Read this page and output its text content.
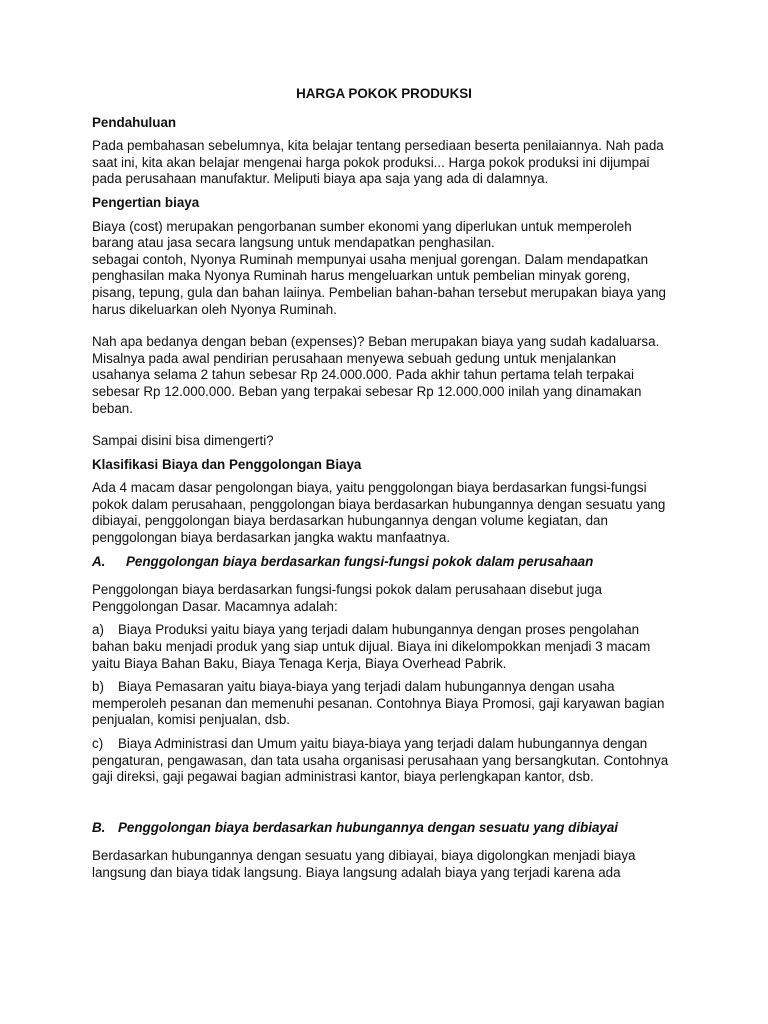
HARGA POKOK PRODUKSI
Pendahuluan
Pada pembahasan sebelumnya, kita belajar tentang persediaan beserta penilaiannya. Nah pada saat ini, kita akan belajar mengenai harga pokok produksi... Harga pokok produksi ini dijumpai pada perusahaan manufaktur. Meliputi biaya apa saja yang ada di dalamnya.
Pengertian biaya
Biaya (cost) merupakan pengorbanan sumber ekonomi yang diperlukan untuk memperoleh barang atau jasa secara langsung untuk mendapatkan penghasilan.
sebagai contoh, Nyonya Ruminah mempunyai usaha menjual gorengan. Dalam mendapatkan penghasilan maka Nyonya Ruminah harus mengeluarkan untuk pembelian minyak goreng, pisang, tepung, gula dan bahan laiinya. Pembelian bahan-bahan tersebut merupakan biaya yang harus dikeluarkan oleh Nyonya Ruminah.
Nah apa bedanya dengan beban (expenses)? Beban merupakan biaya yang sudah kadaluarsa. Misalnya pada awal pendirian perusahaan menyewa sebuah gedung untuk menjalankan usahanya selama 2 tahun sebesar Rp 24.000.000. Pada akhir tahun pertama telah terpakai sebesar Rp 12.000.000. Beban yang terpakai sebesar Rp 12.000.000 inilah yang dinamakan beban.
Sampai disini bisa dimengerti?
Klasifikasi Biaya dan Penggolongan Biaya
Ada 4 macam dasar pengolongan biaya, yaitu penggolongan biaya berdasarkan fungsi-fungsi pokok dalam perusahaan, penggolongan biaya berdasarkan hubungannya dengan sesuatu yang dibiayai, penggolongan biaya berdasarkan hubungannya dengan volume kegiatan, dan penggolongan biaya berdasarkan jangka waktu manfaatnya.
A. Penggolongan biaya berdasarkan fungsi-fungsi pokok dalam perusahaan
Penggolongan biaya berdasarkan fungsi-fungsi pokok dalam perusahaan disebut juga Penggolongan Dasar. Macamnya adalah:
a) Biaya Produksi yaitu biaya yang terjadi dalam hubungannya dengan proses pengolahan bahan baku menjadi produk yang siap untuk dijual. Biaya ini dikelompokkan menjadi 3 macam yaitu Biaya Bahan Baku, Biaya Tenaga Kerja, Biaya Overhead Pabrik.
b) Biaya Pemasaran yaitu biaya-biaya yang terjadi dalam hubungannya dengan usaha memperoleh pesanan dan memenuhi pesanan. Contohnya Biaya Promosi, gaji karyawan bagian penjualan, komisi penjualan, dsb.
c) Biaya Administrasi dan Umum yaitu biaya-biaya yang terjadi dalam hubungannya dengan pengaturan, pengawasan, dan tata usaha organisasi perusahaan yang bersangkutan. Contohnya gaji direksi, gaji pegawai bagian administrasi kantor, biaya perlengkapan kantor, dsb.
B. Penggolongan biaya berdasarkan hubungannya dengan sesuatu yang dibiayai
Berdasarkan hubungannya dengan sesuatu yang dibiayai, biaya digolongkan menjadi biaya langsung dan biaya tidak langsung. Biaya langsung adalah biaya yang terjadi karena ada
